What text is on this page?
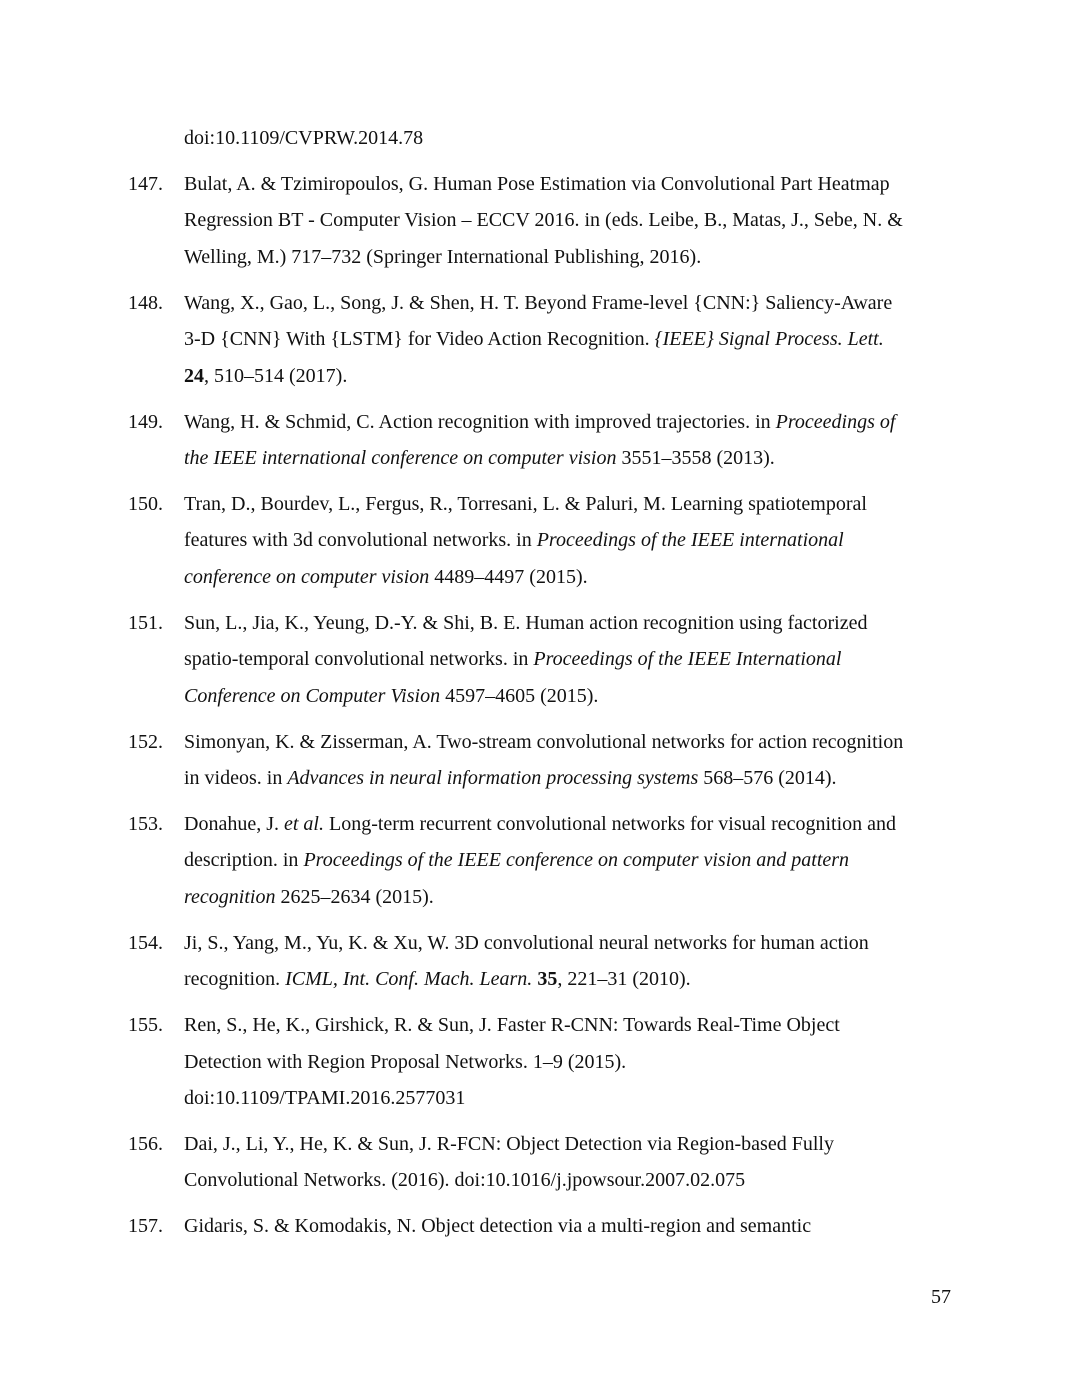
doi:10.1109/CVPRW.2014.78
147. Bulat, A. & Tzimiropoulos, G. Human Pose Estimation via Convolutional Part Heatmap
Regression BT - Computer Vision – ECCV 2016. in (eds. Leibe, B., Matas, J., Sebe, N. &
Welling, M.) 717–732 (Springer International Publishing, 2016).
148. Wang, X., Gao, L., Song, J. & Shen, H. T. Beyond Frame-level {CNN:} Saliency-Aware
3-D {CNN} With {LSTM} for Video Action Recognition. {IEEE} Signal Process. Lett.
24, 510–514 (2017).
149. Wang, H. & Schmid, C. Action recognition with improved trajectories. in Proceedings of
the IEEE international conference on computer vision 3551–3558 (2013).
150. Tran, D., Bourdev, L., Fergus, R., Torresani, L. & Paluri, M. Learning spatiotemporal
features with 3d convolutional networks. in Proceedings of the IEEE international
conference on computer vision 4489–4497 (2015).
151. Sun, L., Jia, K., Yeung, D.-Y. & Shi, B. E. Human action recognition using factorized
spatio-temporal convolutional networks. in Proceedings of the IEEE International
Conference on Computer Vision 4597–4605 (2015).
152. Simonyan, K. & Zisserman, A. Two-stream convolutional networks for action recognition
in videos. in Advances in neural information processing systems 568–576 (2014).
153. Donahue, J. et al. Long-term recurrent convolutional networks for visual recognition and
description. in Proceedings of the IEEE conference on computer vision and pattern
recognition 2625–2634 (2015).
154. Ji, S., Yang, M., Yu, K. & Xu, W. 3D convolutional neural networks for human action
recognition. ICML, Int. Conf. Mach. Learn. 35, 221–31 (2010).
155. Ren, S., He, K., Girshick, R. & Sun, J. Faster R-CNN: Towards Real-Time Object
Detection with Region Proposal Networks. 1–9 (2015).
doi:10.1109/TPAMI.2016.2577031
156. Dai, J., Li, Y., He, K. & Sun, J. R-FCN: Object Detection via Region-based Fully
Convolutional Networks. (2016). doi:10.1016/j.jpowsour.2007.02.075
157. Gidaris, S. & Komodakis, N. Object detection via a multi-region and semantic
57
